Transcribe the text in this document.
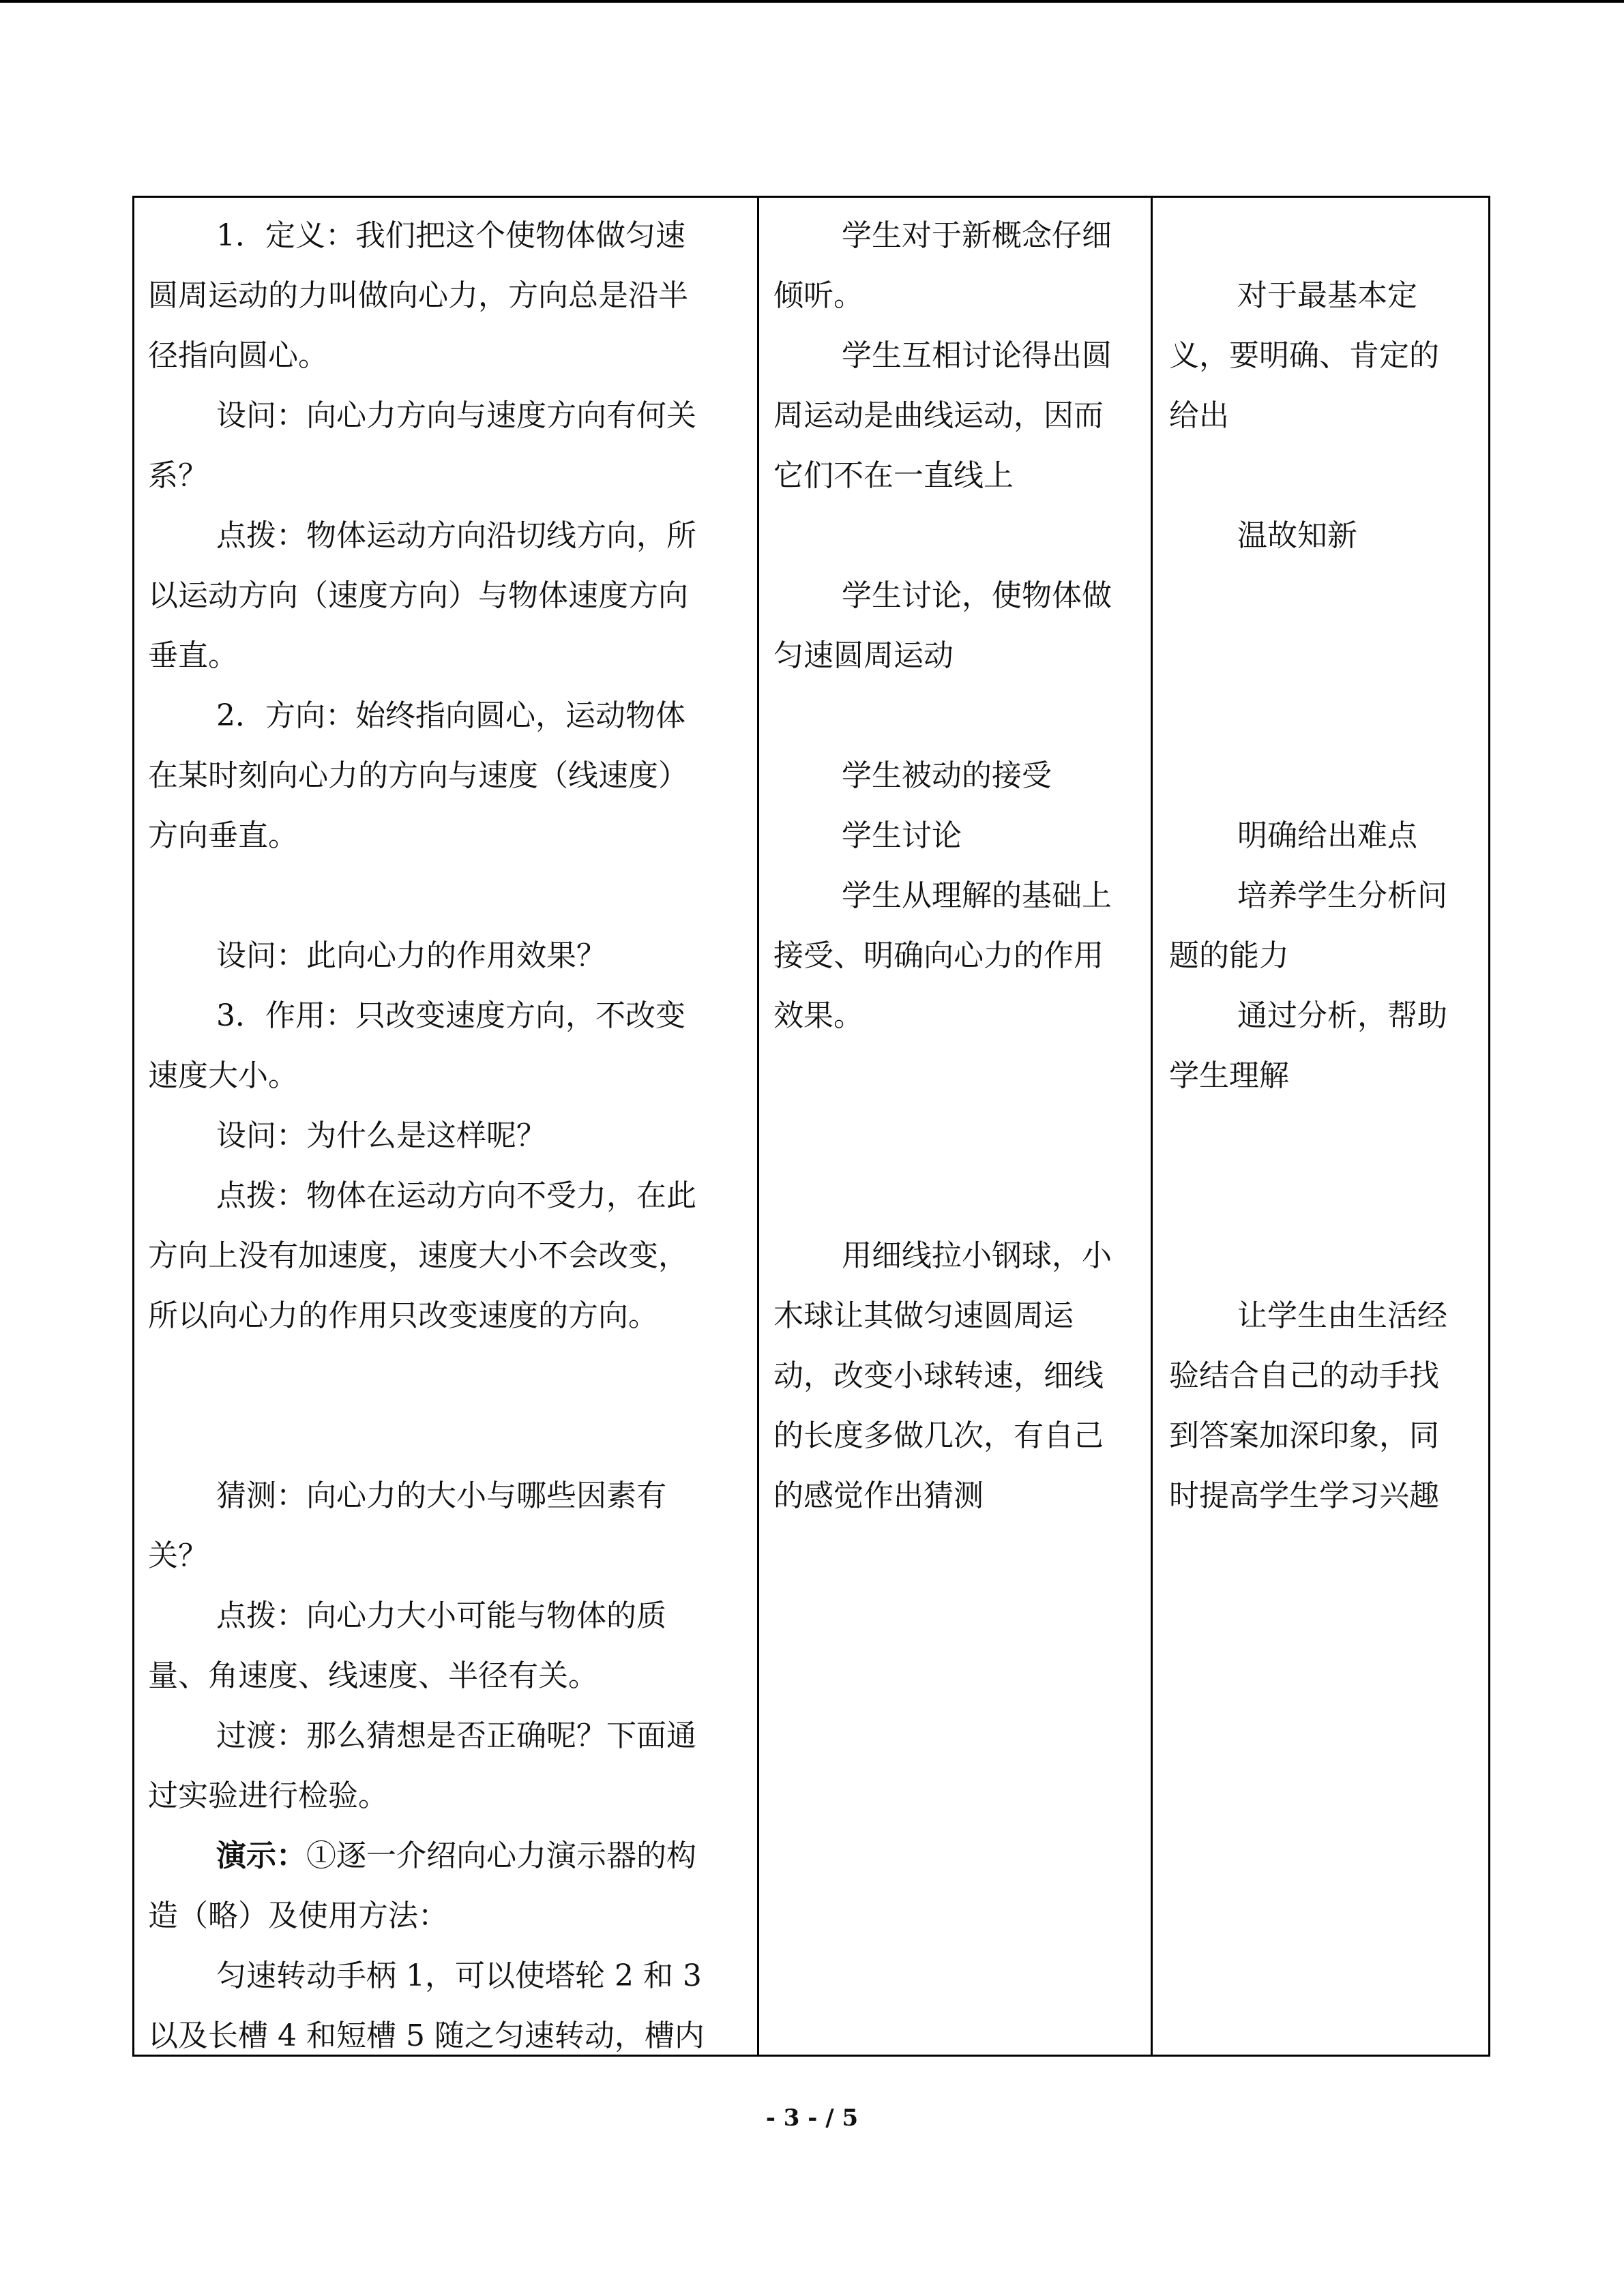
1．定义：我们把这个使物体做匀速
圆周运动的力叫做向心力，方向总是沿半
径指向圆心。
设问：向心力方向与速度方向有何关
系？
点拨：物体运动方向沿切线方向，所
以运动方向（速度方向）与物体速度方向
垂直。
2．方向：始终指向圆心，运动物体
在某时刻向心力的方向与速度（线速度）
方向垂直。
设问：此向心力的作用效果？
3．作用：只改变速度方向，不改变
速度大小。
设问：为什么是这样呢？
点拨：物体在运动方向不受力，在此
方向上没有加速度，速度大小不会改变，
所以向心力的作用只改变速度的方向。
猜测：向心力的大小与哪些因素有
关？
点拨：向心力大小可能与物体的质
量、角速度、线速度、半径有关。
过渡：那么猜想是否正确呢？下面通
过实验进行检验。
演示：①逐一介绍向心力演示器的构
造（略）及使用方法：
匀速转动手柄 1，可以使塔轮 2 和 3
以及长槽 4 和短槽 5 随之匀速转动，槽内
学生对于新概念仔细
倾听。
学生互相讨论得出圆
周运动是曲线运动，因而
它们不在一直线上
学生讨论，使物体做
匀速圆周运动
学生被动的接受
学生讨论
学生从理解的基础上
接受、明确向心力的作用
效果。
用细线拉小钢球，小
木球让其做匀速圆周运
动，改变小球转速，细线
的长度多做几次，有自己
的感觉作出猜测
对于最基本定
义，要明确、肯定的
给出
温故知新
明确给出难点
培养学生分析问
题的能力
通过分析，帮助
学生理解
让学生由生活经
验结合自己的动手找
到答案加深印象，同
时提高学生学习兴趣
- 3 - / 5
